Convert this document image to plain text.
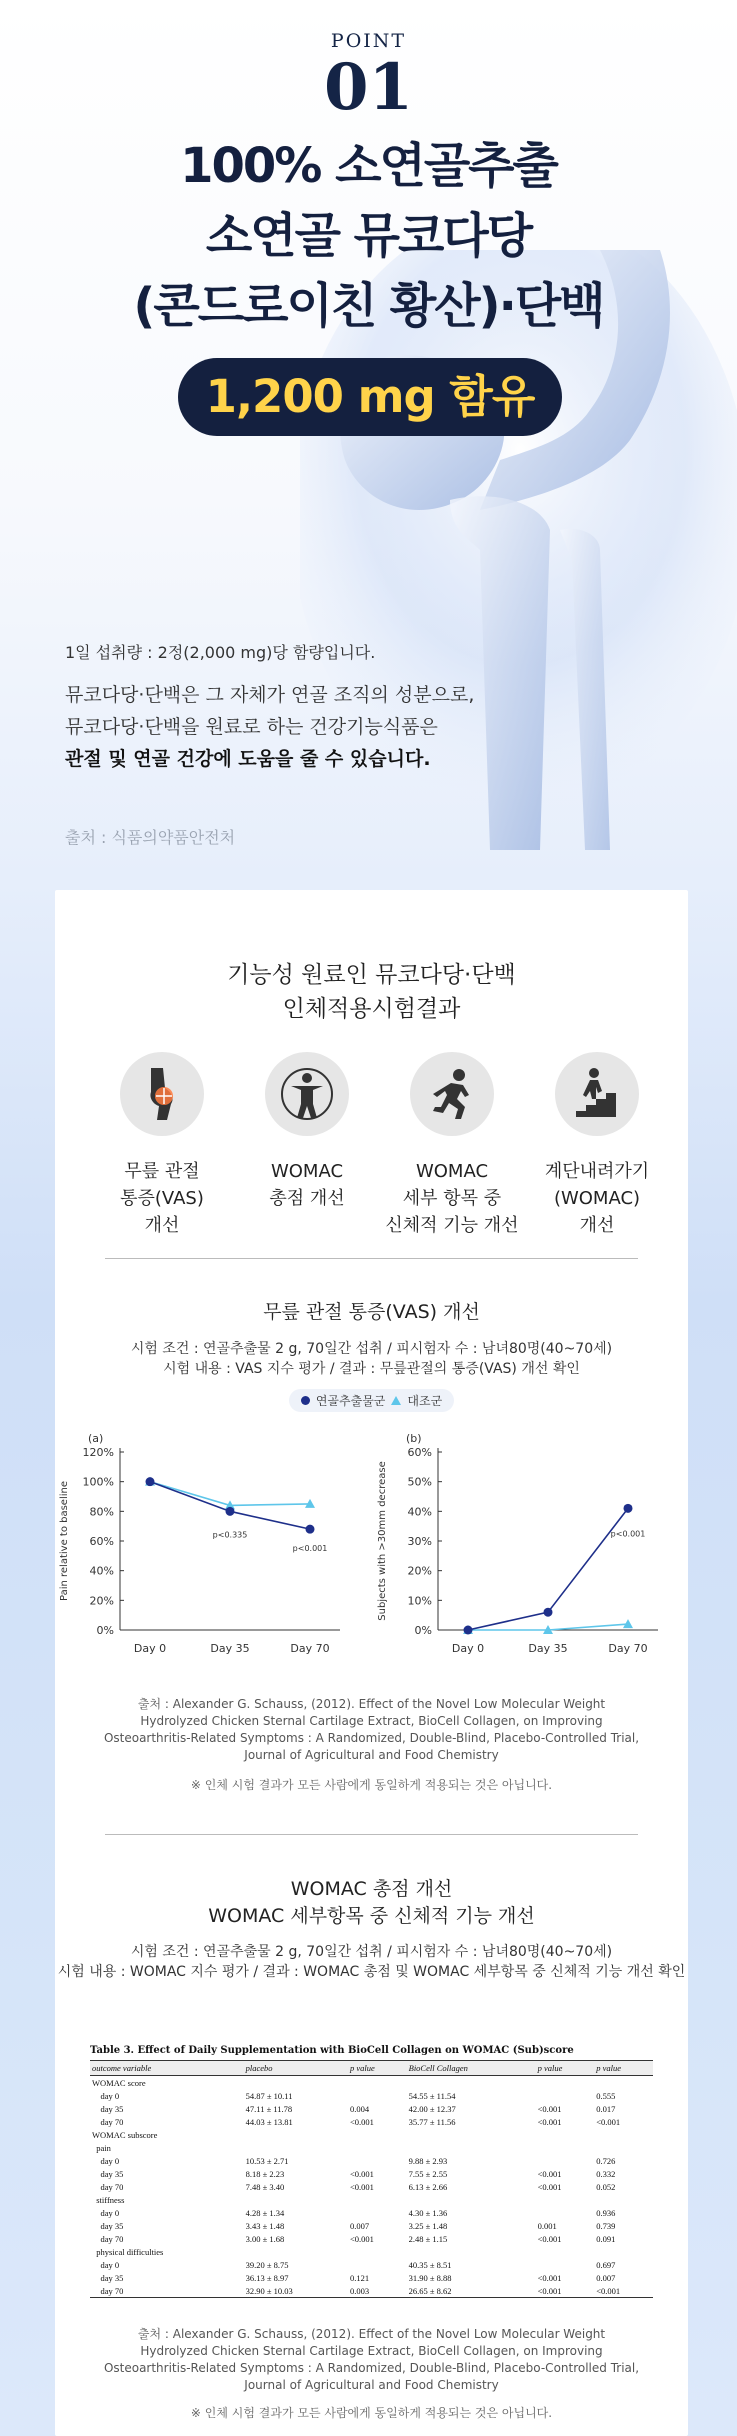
POINT
01
100% 소연골추출
소연골 뮤코다당
(콘드로이친 황산)·단백
1,200 mg 함유
1일 섭취량 : 2정(2,000 mg)당 함량입니다.
뮤코다당·단백은 그 자체가 연골 조직의 성분으로,
뮤코다당·단백을 원료로 하는 건강기능식품은
관절 및 연골 건강에 도움을 줄 수 있습니다.
출처 : 식품의약품안전처
기능성 원료인 뮤코다당·단백
인체적용시험결과
무릎 관절
통증(VAS)
개선
WOMAC
총점 개선
WOMAC
세부 항목 중
신체적 기능 개선
계단내려가기
(WOMAC)
개선
무릎 관절 통증(VAS) 개선
시험 조건 : 연골추출물 2 g, 70일간 섭취 / 피시험자 수 : 남녀80명(40~70세)
시험 내용 : VAS 지수 평가 / 결과 : 무릎관절의 통증(VAS) 개선 확인
연골추출물군 대조군
(a)
0%
20%
40%
60%
80%
100%
120%
Day 0	Day 35	Day 70
Pain relative to baseline	p<0.335
p<0.001
(b)
0%
10%
20%
30%
40%
50%
60%
Day 0	Day 35	Day 70
Subjects with >30mm decrease	p<0.001
출처 : Alexander G. Schauss, (2012). Effect of the Novel Low Molecular Weight
Hydrolyzed Chicken Sternal Cartilage Extract, BioCell Collagen, on Improving
Osteoarthritis-Related Symptoms : A Randomized, Double-Blind, Placebo-Controlled Trial,
Journal of Agricultural and Food Chemistry
※ 인체 시험 결과가 모든 사람에게 동일하게 적용되는 것은 아닙니다.
WOMAC 총점 개선
WOMAC 세부항목 중 신체적 기능 개선
시험 조건 : 연골추출물 2 g, 70일간 섭취 / 피시험자 수 : 남녀80명(40~70세)
시험 내용 : WOMAC 지수 평가 / 결과 : WOMAC 총점 및 WOMAC 세부항목 중 신체적 기능 개선 확인
Table 3. Effect of Daily Supplementation with BioCell Collagen on WOMAC (Sub)score
outcome variable	placebo	p value	BioCell Collagen	p value	p value
WOMAC score					
day 0	54.87 ± 10.11		54.55 ± 11.54		0.555
day 35	47.11 ± 11.78	0.004	42.00 ± 12.37	<0.001	0.017
day 70	44.03 ± 13.81	<0.001	35.77 ± 11.56	<0.001	<0.001
WOMAC subscore					
pain					
day 0	10.53 ± 2.71		9.88 ± 2.93		0.726
day 35	8.18 ± 2.23	<0.001	7.55 ± 2.55	<0.001	0.332
day 70	7.48 ± 3.40	<0.001	6.13 ± 2.66	<0.001	0.052
stiffness					
day 0	4.28 ± 1.34		4.30 ± 1.36		0.936
day 35	3.43 ± 1.48	0.007	3.25 ± 1.48	0.001	0.739
day 70	3.00 ± 1.68	<0.001	2.48 ± 1.15	<0.001	0.091
physical difficulties					
day 0	39.20 ± 8.75		40.35 ± 8.51		0.697
day 35	36.13 ± 8.97	0.121	31.90 ± 8.88	<0.001	0.007
day 70	32.90 ± 10.03	0.003	26.65 ± 8.62	<0.001	<0.001
출처 : Alexander G. Schauss, (2012). Effect of the Novel Low Molecular Weight
Hydrolyzed Chicken Sternal Cartilage Extract, BioCell Collagen, on Improving
Osteoarthritis-Related Symptoms : A Randomized, Double-Blind, Placebo-Controlled Trial,
Journal of Agricultural and Food Chemistry
※ 인체 시험 결과가 모든 사람에게 동일하게 적용되는 것은 아닙니다.
